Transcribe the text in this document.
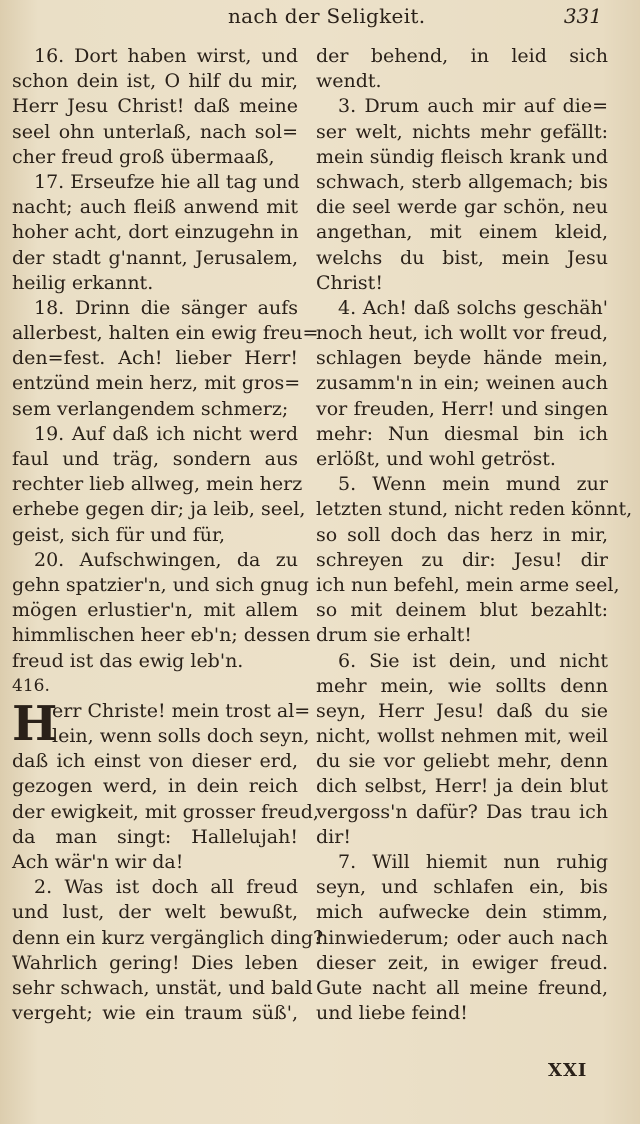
nach der Seligkeit.	331
16. Dort haben wirst, und
schon dein ist, O hilf du mir,
Herr Jesu Christ! daß meine
seel ohn unterlaß, nach sol=
cher freud groß übermaaß,
17. Erseufze hie all tag und
nacht; auch fleiß anwend mit
hoher acht, dort einzugehn in
der stadt g'nannt, Jerusalem,
heilig erkannt.
18. Drinn die sänger aufs
allerbest, halten ein ewig freu=
den=fest. Ach! lieber Herr!
entzünd mein herz, mit gros=
sem verlangendem schmerz;
19. Auf daß ich nicht werd
faul und träg, sondern aus
rechter lieb allweg, mein herz
erhebe gegen dir; ja leib, seel,
geist, sich für und für,
20. Aufschwingen, da zu
gehn spatzier'n, und sich gnug
mögen erlustier'n, mit allem
himmlischen heer eb'n; dessen
freud ist das ewig leb'n.
416.
H
err Christe! mein trost al=
lein, wenn solls doch seyn,
daß ich einst von dieser erd,
gezogen werd, in dein reich
der ewigkeit, mit grosser freud,
da man singt: Hallelujah!
Ach wär'n wir da!
2. Was ist doch all freud
und lust, der welt bewußt,
denn ein kurz vergänglich ding?
Wahrlich gering! Dies leben
sehr schwach, unstät, und bald
vergeht; wie ein traum süß',
der behend, in leid sich
wendt.
3. Drum auch mir auf die=
ser welt, nichts mehr gefällt:
mein sündig fleisch krank und
schwach, sterb allgemach; bis
die seel werde gar schön, neu
angethan, mit einem kleid,
welchs du bist, mein Jesu
Christ!
4. Ach! daß solchs geschäh'
noch heut, ich wollt vor freud,
schlagen beyde hände mein,
zusamm'n in ein; weinen auch
vor freuden, Herr! und singen
mehr: Nun diesmal bin ich
erlößt, und wohl getröst.
5. Wenn mein mund zur
letzten stund, nicht reden könnt,
so soll doch das herz in mir,
schreyen zu dir: Jesu! dir
ich nun befehl, mein arme seel,
so mit deinem blut bezahlt:
drum sie erhalt!
6. Sie ist dein, und nicht
mehr mein, wie sollts denn
seyn, Herr Jesu! daß du sie
nicht, wollst nehmen mit, weil
du sie vor geliebt mehr, denn
dich selbst, Herr! ja dein blut
vergoss'n dafür? Das trau ich
dir!
7. Will hiemit nun ruhig
seyn, und schlafen ein, bis
mich aufwecke dein stimm,
hinwiederum; oder auch nach
dieser zeit, in ewiger freud.
Gute nacht all meine freund,
und liebe feind!
XXI
